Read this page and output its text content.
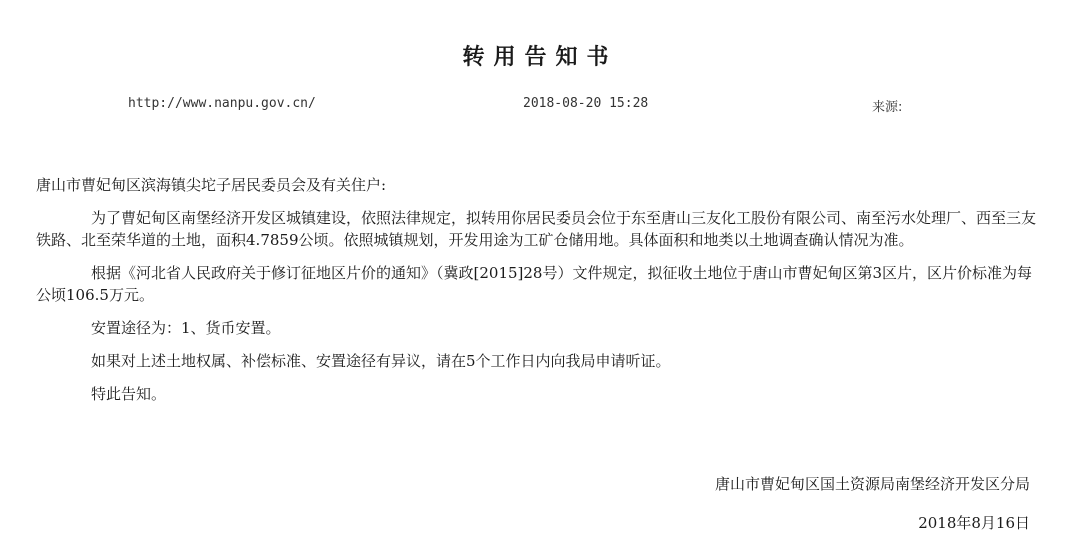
转用告知书
http://www.nanpu.gov.cn/	2018-08-20 15:28	来源:

唐山市曹妃甸区滨海镇尖坨子居民委员会及有关住户:

为了曹妃甸区南堡经济开发区城镇建设，依照法律规定，拟转用你居民委员会位于东至唐山三友化工股份有限公司、南至污水处理厂、西至三友铁路、北至荣华道的土地，面积4.7859公顷。依照城镇规划，开发用途为工矿仓储用地。具体面积和地类以土地调查确认情况为准。

根据《河北省人民政府关于修订征地区片价的通知》（冀政[2015]28号）文件规定，拟征收土地位于唐山市曹妃甸区第3区片，区片价标准为每公顷106.5万元。

安置途径为：1、货币安置。

如果对上述土地权属、补偿标准、安置途径有异议，请在5个工作日内向我局申请听证。

特此告知。

唐山市曹妃甸区国土资源局南堡经济开发区分局
2018年8月16日
